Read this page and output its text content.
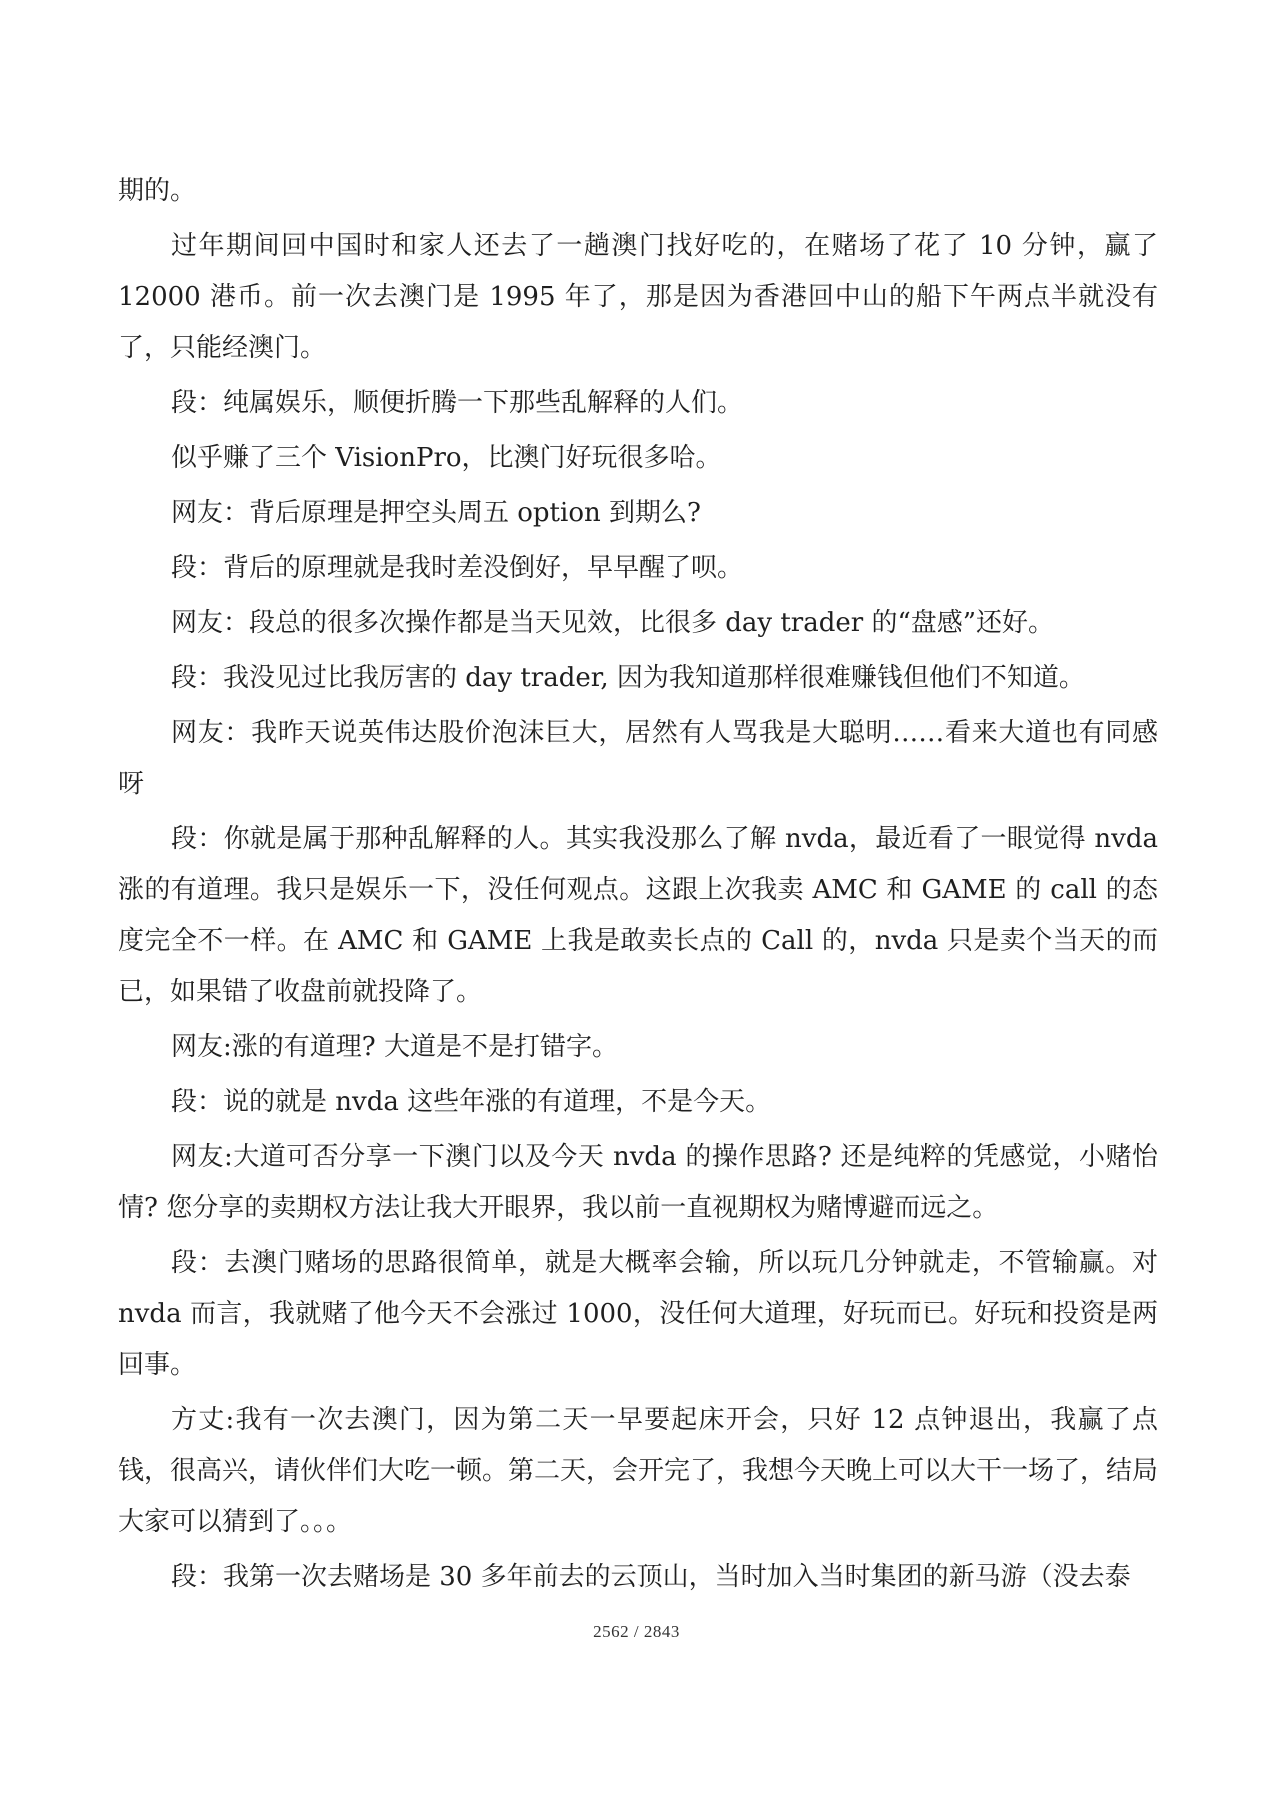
期的。

过年期间回中国时和家人还去了一趟澳门找好吃的，在赌场了花了 10 分钟，赢了 12000 港币。前一次去澳门是 1995 年了，那是因为香港回中山的船下午两点半就没有了，只能经澳门。

段：纯属娱乐，顺便折腾一下那些乱解释的人们。

似乎赚了三个 VisionPro，比澳门好玩很多哈。

网友：背后原理是押空头周五 option 到期么?

段：背后的原理就是我时差没倒好，早早醒了呗。

网友：段总的很多次操作都是当天见效，比很多 day trader 的“盘感”还好。

段：我没见过比我厉害的 day trader, 因为我知道那样很难赚钱但他们不知道。

网友：我昨天说英伟达股价泡沫巨大，居然有人骂我是大聪明……看来大道也有同感呀

段：你就是属于那种乱解释的人。其实我没那么了解 nvda，最近看了一眼觉得 nvda 涨的有道理。我只是娱乐一下，没任何观点。这跟上次我卖 AMC 和 GAME 的 call 的态度完全不一样。在 AMC 和 GAME 上我是敢卖长点的 Call 的，nvda 只是卖个当天的而已，如果错了收盘前就投降了。

网友:涨的有道理? 大道是不是打错字。

段：说的就是 nvda 这些年涨的有道理，不是今天。

网友:大道可否分享一下澳门以及今天 nvda 的操作思路? 还是纯粹的凭感觉，小赌怡情? 您分享的卖期权方法让我大开眼界，我以前一直视期权为赌博避而远之。

段：去澳门赌场的思路很简单，就是大概率会输，所以玩几分钟就走，不管输赢。对 nvda 而言，我就赌了他今天不会涨过 1000，没任何大道理，好玩而已。好玩和投资是两回事。

方丈:我有一次去澳门，因为第二天一早要起床开会，只好 12 点钟退出，我赢了点钱，很高兴，请伙伴们大吃一顿。第二天，会开完了，我想今天晚上可以大干一场了，结局大家可以猜到了。。。

段：我第一次去赌场是 30 多年前去的云顶山，当时加入当时集团的新马游（没去泰

2562 / 2843
